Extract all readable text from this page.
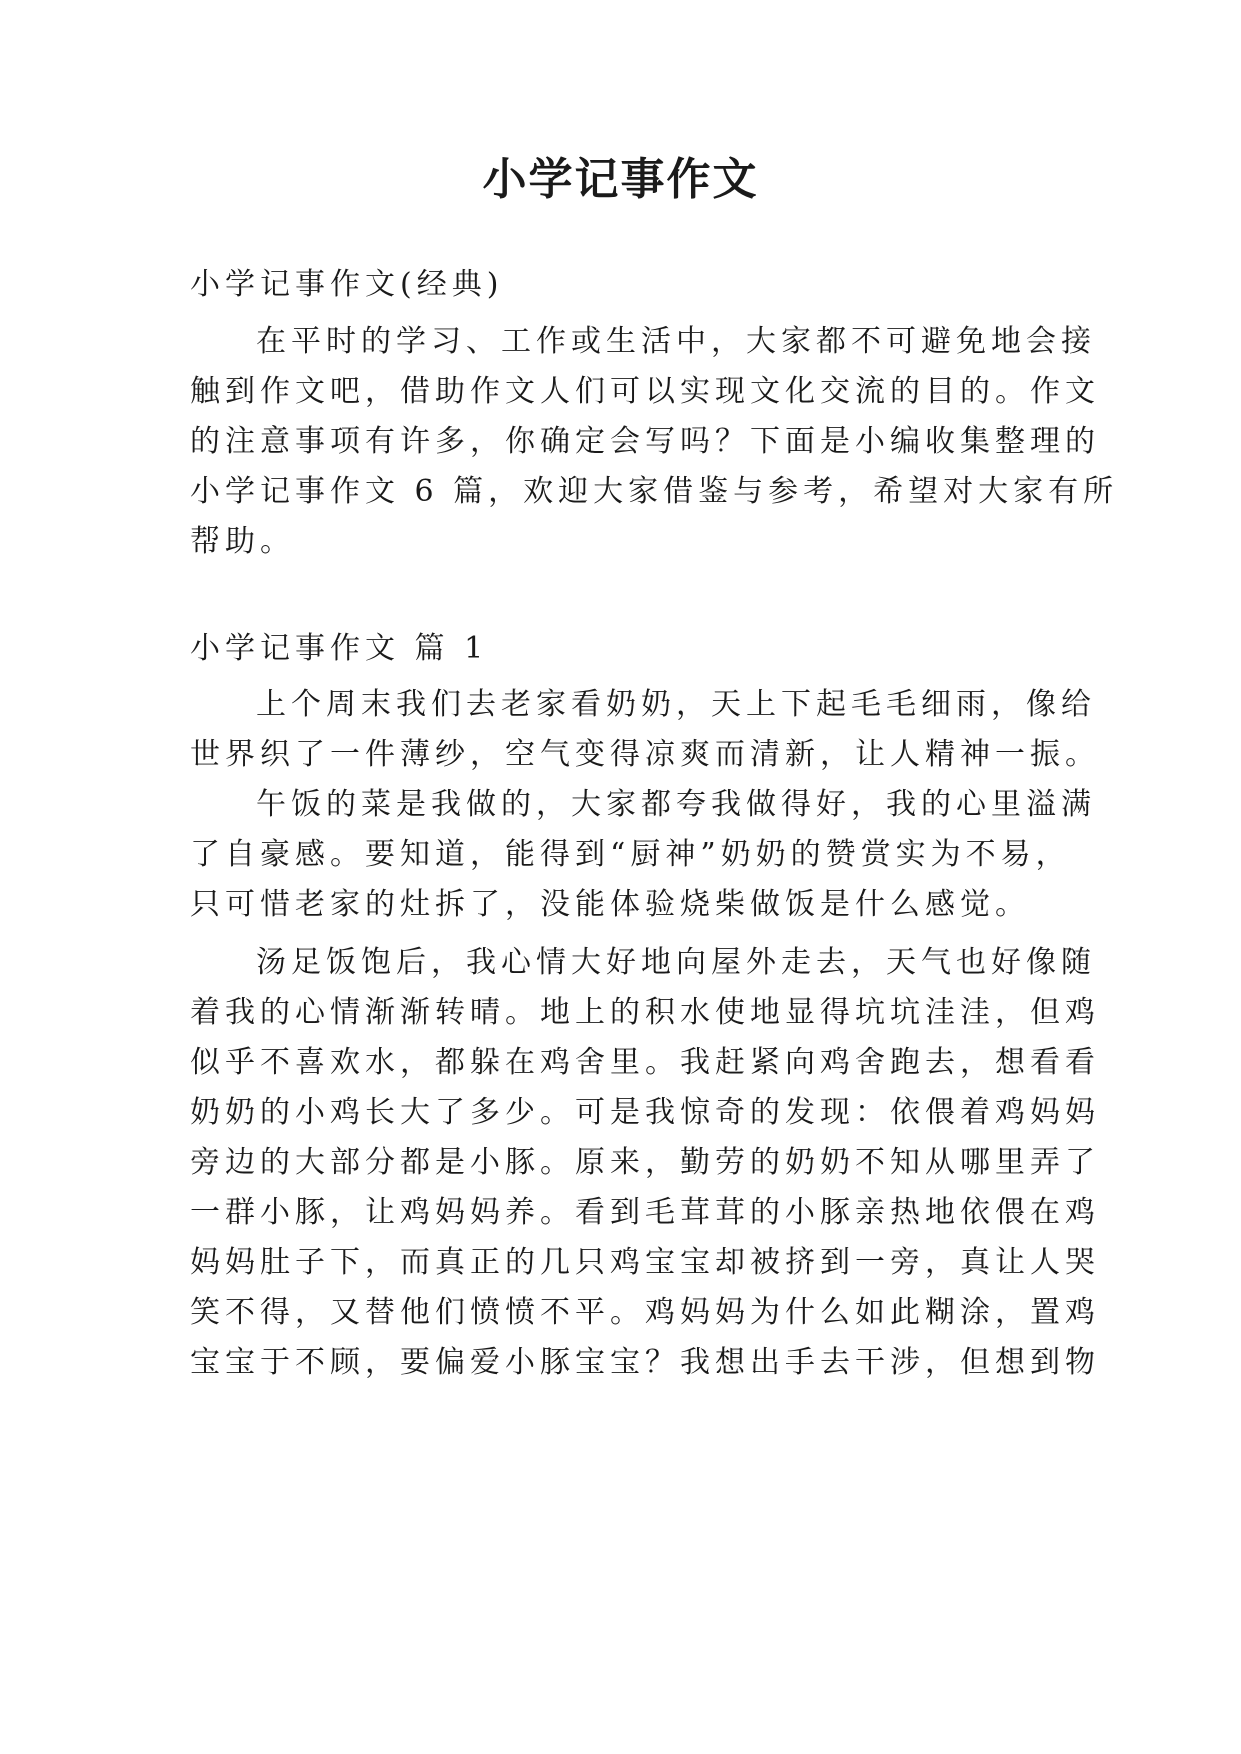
小学记事作文

小学记事作文(经典)

在平时的学习、工作或生活中，大家都不可避免地会接

触到作文吧，借助作文人们可以实现文化交流的目的。作文

的注意事项有许多，你确定会写吗？下面是小编收集整理的

小学记事作文 6 篇，欢迎大家借鉴与参考，希望对大家有所

帮助。

小学记事作文 篇 1

上个周末我们去老家看奶奶，天上下起毛毛细雨，像给

世界织了一件薄纱，空气变得凉爽而清新，让人精神一振。

午饭的菜是我做的，大家都夸我做得好，我的心里溢满

了自豪感。要知道，能得到“厨神”奶奶的赞赏实为不易，

只可惜老家的灶拆了，没能体验烧柴做饭是什么感觉。

汤足饭饱后，我心情大好地向屋外走去，天气也好像随

着我的心情渐渐转晴。地上的积水使地显得坑坑洼洼，但鸡

似乎不喜欢水，都躲在鸡舍里。我赶紧向鸡舍跑去，想看看

奶奶的小鸡长大了多少。可是我惊奇的发现：依偎着鸡妈妈

旁边的大部分都是小豚。原来，勤劳的奶奶不知从哪里弄了

一群小豚，让鸡妈妈养。看到毛茸茸的小豚亲热地依偎在鸡

妈妈肚子下，而真正的几只鸡宝宝却被挤到一旁，真让人哭

笑不得，又替他们愤愤不平。鸡妈妈为什么如此糊涂，置鸡

宝宝于不顾，要偏爱小豚宝宝？我想出手去干涉，但想到物
